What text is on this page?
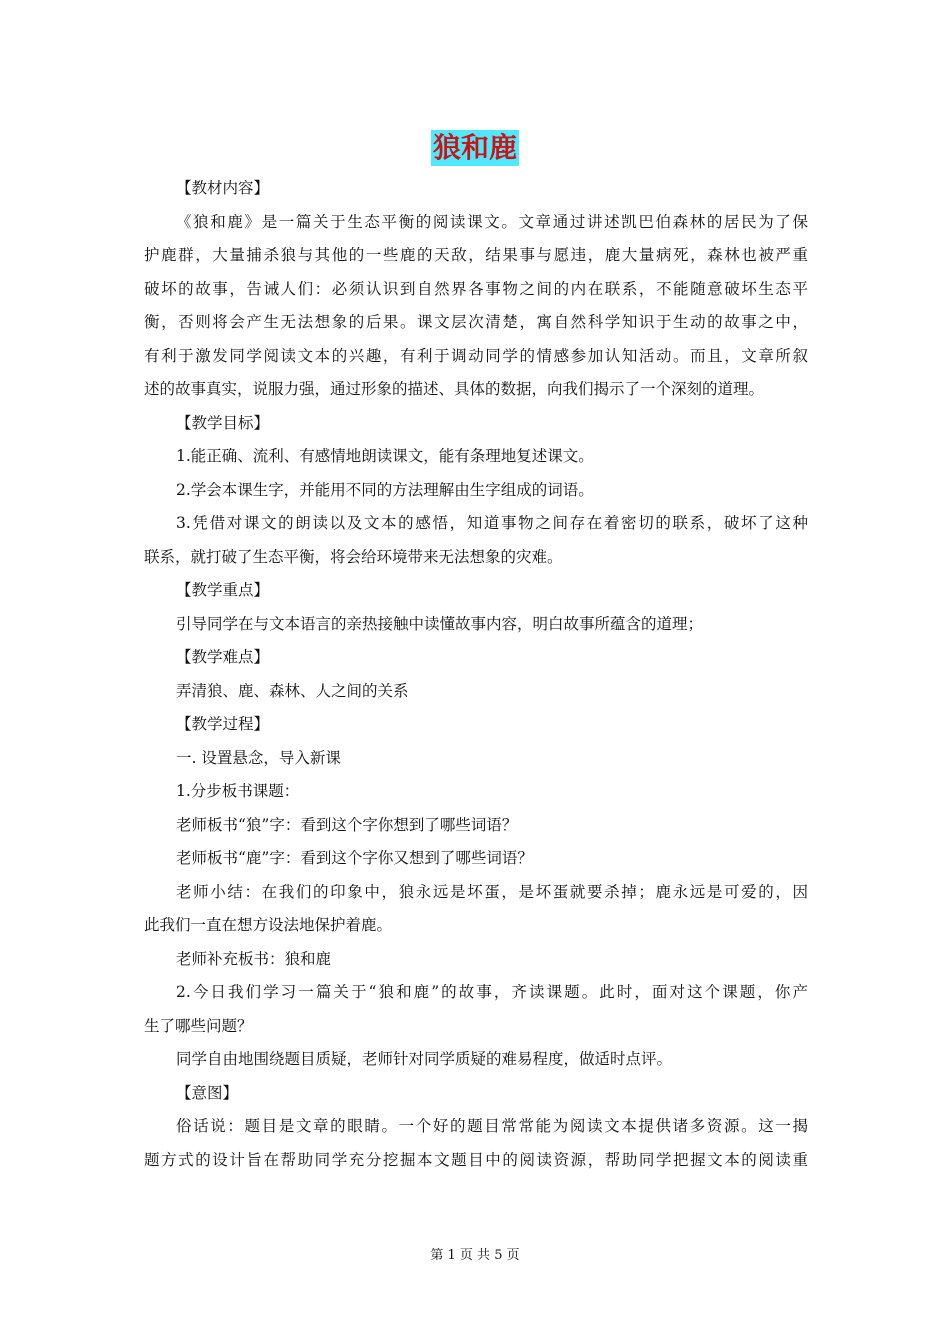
狼和鹿
【教材内容】
《狼和鹿》是一篇关于生态平衡的阅读课文。文章通过讲述凯巴伯森林的居民为了保
护鹿群，大量捕杀狼与其他的一些鹿的天敌，结果事与愿违，鹿大量病死，森林也被严重
破坏的故事，告诫人们：必须认识到自然界各事物之间的内在联系，不能随意破坏生态平
衡，否则将会产生无法想象的后果。课文层次清楚，寓自然科学知识于生动的故事之中，
有利于激发同学阅读文本的兴趣，有利于调动同学的情感参加认知活动。而且，文章所叙
述的故事真实，说服力强，通过形象的描述、具体的数据，向我们揭示了一个深刻的道理。
【教学目标】
1.能正确、流利、有感情地朗读课文，能有条理地复述课文。
2.学会本课生字，并能用不同的方法理解由生字组成的词语。
3.凭借对课文的朗读以及文本的感悟，知道事物之间存在着密切的联系，破坏了这种
联系，就打破了生态平衡，将会给环境带来无法想象的灾难。
【教学重点】
引导同学在与文本语言的亲热接触中读懂故事内容，明白故事所蕴含的道理；
【教学难点】
弄清狼、鹿、森林、人之间的关系
【教学过程】
一. 设置悬念，导入新课
1.分步板书课题：
老师板书“狼”字：看到这个字你想到了哪些词语？
老师板书“鹿”字：看到这个字你又想到了哪些词语？
老师小结：在我们的印象中，狼永远是坏蛋，是坏蛋就要杀掉；鹿永远是可爱的，因
此我们一直在想方设法地保护着鹿。
老师补充板书：狼和鹿
2.今日我们学习一篇关于“狼和鹿”的故事，齐读课题。此时，面对这个课题，你产
生了哪些问题？
同学自由地围绕题目质疑，老师针对同学质疑的难易程度，做适时点评。
【意图】
俗话说：题目是文章的眼睛。一个好的题目常常能为阅读文本提供诸多资源。这一揭
题方式的设计旨在帮助同学充分挖掘本文题目中的阅读资源，帮助同学把握文本的阅读重
第 1 页 共 5 页
